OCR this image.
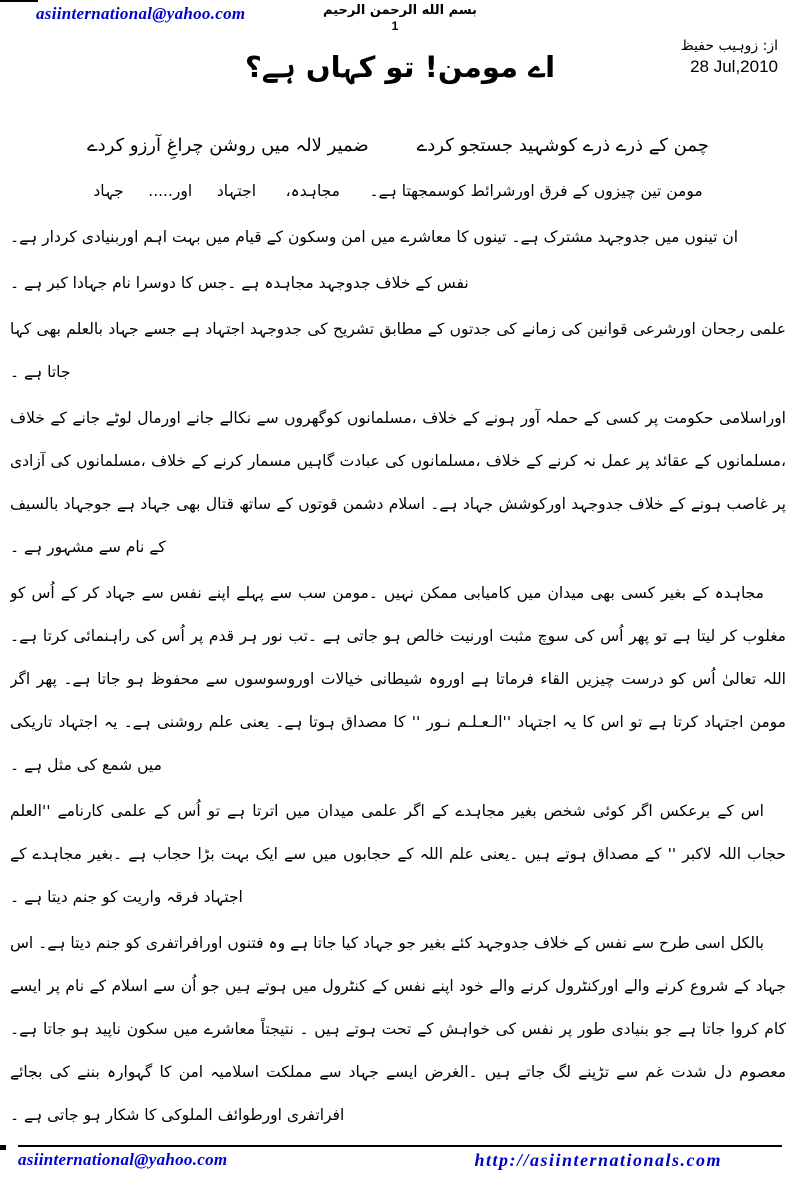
asiinternational@yahoo.com	بسم الله الرحمن الرحيم
1
از: زوہیب حفیظ
28 Jul,2010
اے مومن! تو کہاں ہے؟
ضمیر لالہ میں روشن چراغِ آرزو کردے	چمن کے ذرے ذرے کوشہید جستجو کردے

مومن تین چیزوں کے فرق اورشرائط کوسمجھتا ہے۔      مجاہدہ،      اجتہاد     اور.....     جہاد

ان تینوں میں جدوجہد مشترک ہے۔ تینوں کا معاشرے میں امن وسکون کے قیام میں بہت اہم اوربنیادی کردار ہے۔

نفس کے خلاف جدوجہد مجاہدہ ہے ۔جس کا دوسرا نام جہادا کبر ہے ۔

علمی رجحان اورشرعی قوانین کی زمانے کی جدتوں کے مطابق تشریح کی جدوجہد اجتہاد ہے جسے جہاد بالعلم بھی کہا جاتا ہے ۔

اوراسلامی حکومت پر کسی کے حملہ آور ہونے کے خلاف ،مسلمانوں کوگھروں سے نکالے جانے اورمال لوٹے جانے کے خلاف ،مسلمانوں کے عقائد پر عمل نہ کرنے کے خلاف ،مسلمانوں کی عبادت گاہیں مسمار کرنے کے خلاف ،مسلمانوں کی آزادی پر غاصب ہونے کے خلاف جدوجہد اورکوشش جہاد ہے۔ اسلام دشمن قوتوں کے ساتھ قتال بھی جہاد ہے جوجہاد بالسیف کے نام سے مشہور ہے ۔

مجاہدہ کے بغیر کسی بھی میدان میں کامیابی ممکن نہیں ۔مومن سب سے پہلے اپنے نفس سے جہاد کر کے اُس کو مغلوب کر لیتا ہے تو پھر اُس کی سوچ مثبت اورنیت خالص ہو جاتی ہے ۔تب نور ہر قدم پر اُس کی راہنمائی کرتا ہے۔ اللہ تعالیٰ اُس کو درست چیزیں القاء فرماتا ہے اوروہ شیطانی خیالات اوروسوسوں سے محفوظ ہو جاتا ہے۔ پھر اگر مومن اجتہاد کرتا ہے تو اس کا یہ اجتہاد ''الـعـلـم نـور '' کا مصداق ہوتا ہے۔ یعنی علم روشنی ہے۔ یہ اجتہاد تاریکی میں شمع کی مثل ہے ۔

اس کے برعکس اگر کوئی شخص بغیر مجاہدے کے اگر علمی میدان میں اترتا ہے تو اُس کے علمی کارنامے ''العلم حجاب اللہ لاکبر '' کے مصداق ہوتے ہیں ۔یعنی علم اللہ کے حجابوں میں سے ایک بہت بڑا حجاب ہے ۔بغیر مجاہدے کے اجتہاد فرقہ واریت کو جنم دیتا ہے ۔

بالکل اسی طرح سے نفس کے خلاف جدوجہد کئے بغیر جو جہاد کیا جاتا ہے وہ فتنوں اورافراتفری کو جنم دیتا ہے۔ اس جہاد کے شروع کرنے والے اورکنٹرول کرنے والے خود اپنے نفس کے کنٹرول میں ہوتے ہیں جو اُن سے اسلام کے نام پر ایسے کام کروا جاتا ہے جو بنیادی طور پر نفس کی خواہش کے تحت ہوتے ہیں ۔ نتیجتاً معاشرے میں سکون ناپید ہو جاتا ہے۔ معصوم دل شدت غم سے تڑپنے لگ جاتے ہیں ۔الغرض ایسے جہاد سے مملکت اسلامیہ امن کا گہوارہ بننے کی بجائے افراتفری اورطوائف الملوکی کا شکار ہو جاتی ہے ۔

asiinternational@yahoo.com	http://asiinternationals.com
